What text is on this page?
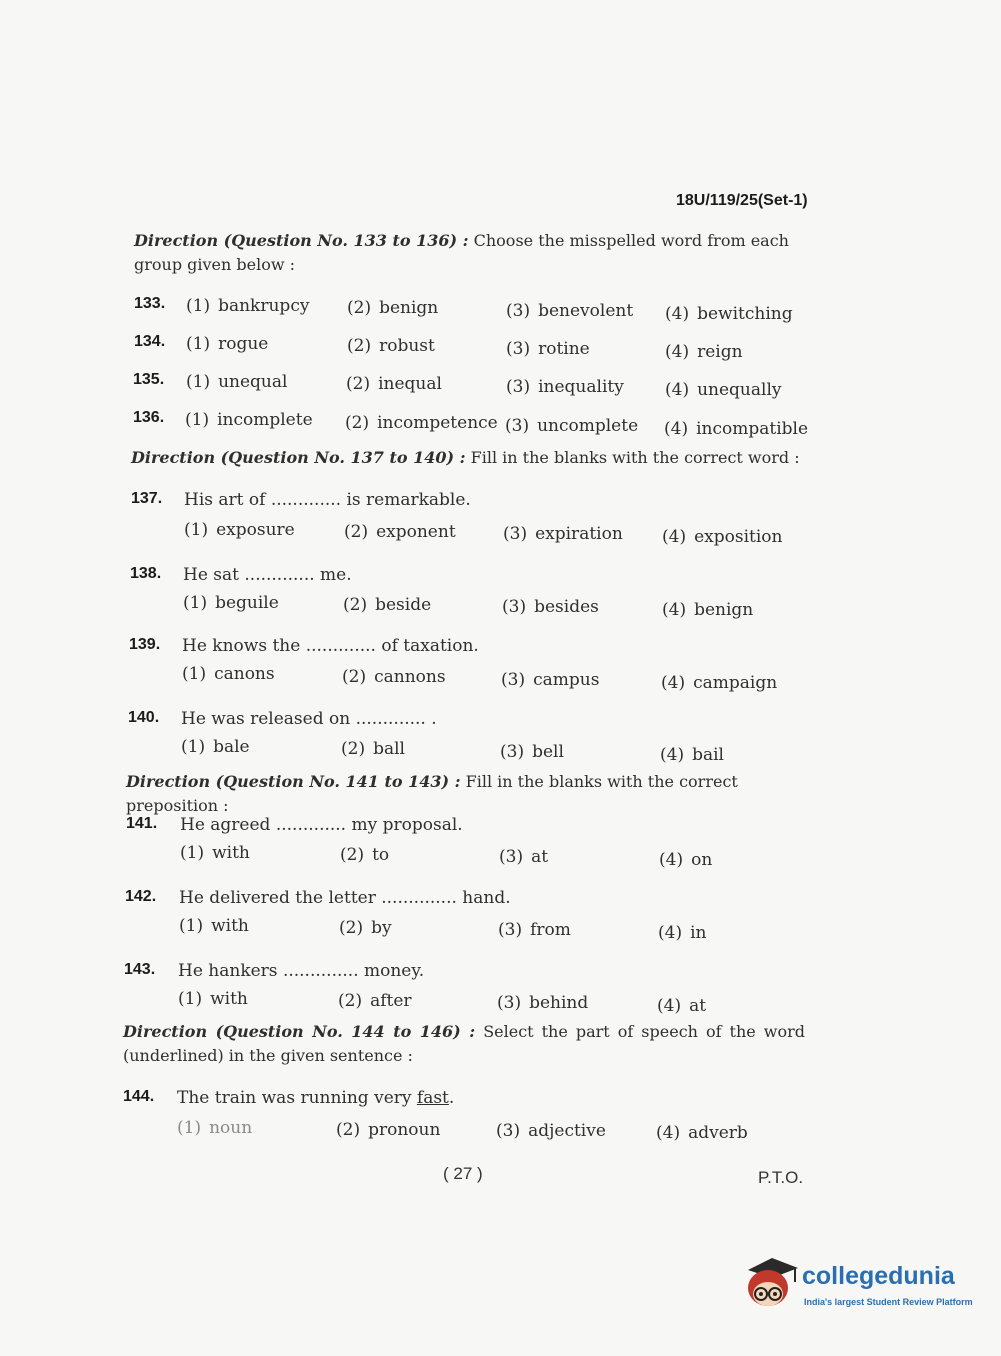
18U/119/25(Set-1)
Direction (Question No. 133 to 136) : Choose the misspelled word from each group given below :
133. (1) bankrupcy (2) benign	(3) benevolent (4) bewitching
134. (1) rogue	(2) robust	(3) rotine	(4) reign
135. (1) unequal	(2) inequal	(3) inequality (4) unequally
136. (1) incomplete (2) incompetence (3) uncomplete (4) incompatible
Direction (Question No. 137 to 140) : Fill in the blanks with the correct word :
137. His art of ............. is remarkable.
(1) exposure	(2) exponent	(3) expiration (4) exposition
138. He sat ............. me.
(1) beguile	(2) beside	(3) besides	(4) benign
139. He knows the ............. of taxation.
(1) canons	(2) cannons	(3) campus	(4) campaign
140. He was released on ............. .
(1) bale	(2) ball	(3) bell	(4) bail
Direction (Question No. 141 to 143) : Fill in the blanks with the correct preposition :
141. He agreed ............. my proposal.
(1) with	(2) to	(3) at	(4) on
142. He delivered the letter .............. hand.
(1) with	(2) by	(3) from	(4) in
143. He hankers .............. money.
(1) with	(2) after	(3) behind	(4) at
Direction (Question No. 144 to 146) : Select the part of speech of the word (underlined) in the given sentence :
144. The train was running very fast.
(1) noun	(2) pronoun	(3) adjective	(4) adverb
( 27 )	P.T.O.
collegedunia
India's largest Student Review Platform
